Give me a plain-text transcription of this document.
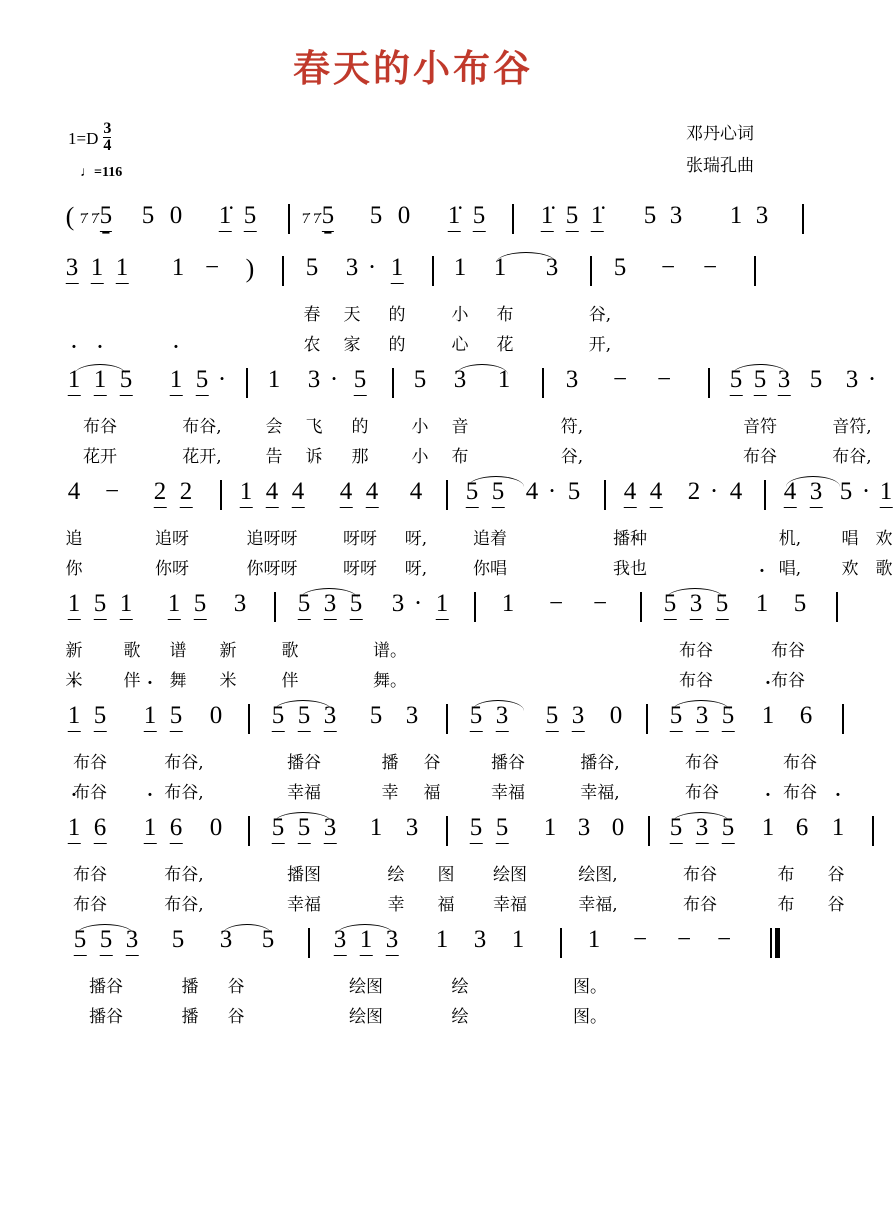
春天的小布谷
$1=D \frac{3}{4}$
♩=116
邓丹心词
张瑞孔曲
( 7̇ 7̇5 5 0 1̇ 5	7̇ 7̇5 5 0 1̇ 5 1̇ 5 1̇ 5 3 1 3
3 1 1 1 − ) 5 3 · 1 1 1 3 5 − −
春 天 的	小 布	谷,
农 家 的	心 花	开,
· 1 · 1 5 · 1 5 · 1 3 · 5 5 3 1 3 − − 5 5 3 5 3 ·
布谷	布谷,	会 飞 的	小 音	符,	音符	音符,
花开	花开,	告 诉 那	小 布	谷,	布谷	布谷,
4 − 2 2 1 4 4 4 4 4 5 5 4 · 5 4 4 2 · 4 4 3 5 · 1
追	追呀	追呀呀	呀呀 呀,	追着	播种	机, 唱 欢
你	你呀	你呀呀	呀呀 呀,	你唱	我也	唱, 欢 歌
1 5 1 1 5 3 5 3 5 3 · 1 1 − − 5 3 5 · 1 5
新 歌 谱 新	歌	谱。	布谷	布谷
米 伴 舞 米	伴	舞。	布谷	布谷
· 1 5 · 1 5 0 5 5 3 5 3 5 3 5 3 0 5 3 5 · 1 6
布谷	布谷,	播谷	播 谷	播谷	播谷,	布谷	布谷
布谷	布谷,	幸福	幸 福	幸福	幸福,	布谷	布谷
· 1 6 · 1 6 0 5 5 3 1 3 5 5 1 3 0 5 3 5 · 1 6 · 1
布谷	布谷,	播图	绘 图 绘图	绘图,	布谷	布 谷
布谷	布谷,	幸福	幸 福 幸福	幸福,	布谷	布 谷
5 5 3 5 3 5 3 1 3 1 3 1	1 − − −
播谷	播 谷	绘图	绘	图。
播谷	播 谷	绘图	绘	图。
